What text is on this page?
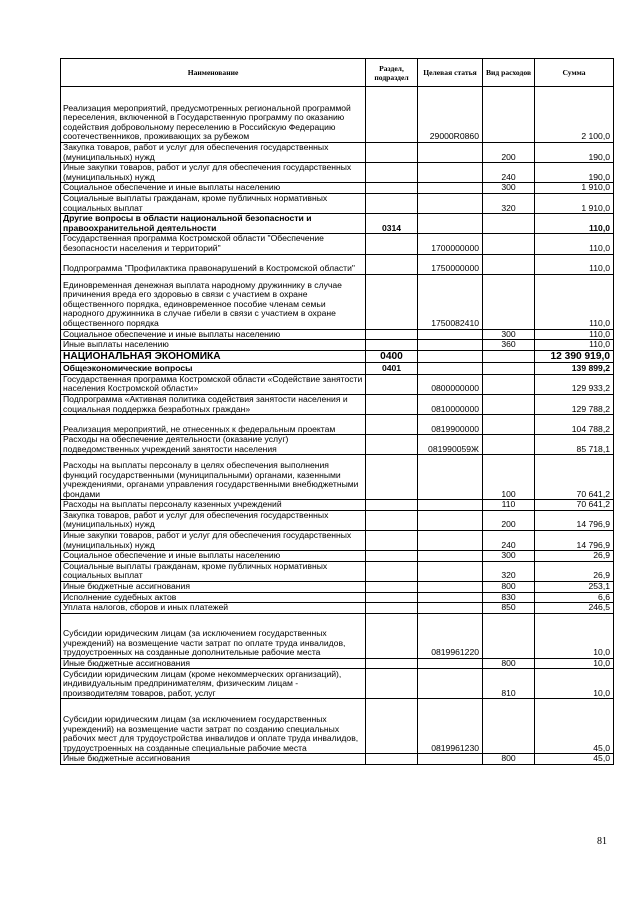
Наименование	Раздел, подраздел	Целевая статья	Вид расходов	Сумма
Реализация мероприятий, предусмотренных региональной программой переселения, включенной в Государственную программу по оказанию содействия добровольному переселению в Российскую Федерацию соотечественников, проживающих за рубежом		29000R0860		2 100,0
Закупка товаров, работ и услуг для обеспечения государственных (муниципальных) нужд			200	190,0
Иные закупки товаров, работ и услуг для обеспечения государственных (муниципальных) нужд			240	190,0
Социальное обеспечение и иные выплаты населению			300	1 910,0
Социальные выплаты гражданам, кроме публичных нормативных социальных выплат			320	1 910,0
Другие вопросы в области национальной безопасности и правоохранительной деятельности	0314			110,0
Государственная программа Костромской области "Обеспечение безопасности населения и территорий"		1700000000		110,0
Подпрограмма "Профилактика правонарушений в Костромской области"		1750000000		110,0
Единовременная денежная выплата народному дружиннику в случае причинения вреда его здоровью в связи с участием в охране общественного порядка, единовременное пособие членам семьи народного дружинника в случае гибели в связи с участием в охране общественного порядка		1750082410		110,0
Социальное обеспечение и иные выплаты населению			300	110,0
Иные выплаты населению			360	110,0
НАЦИОНАЛЬНАЯ ЭКОНОМИКА	0400			12 390 919,0
Общеэкономические вопросы	0401			139 899,2
Государственная программа Костромской области «Содействие занятости населения Костромской области»		0800000000		129 933,2
Подпрограмма «Активная политика содействия занятости населения и социальная поддержка безработных граждан»		0810000000		129 788,2
Реализация мероприятий, не отнесенных к федеральным проектам		0819900000		104 788,2
Расходы на обеспечение деятельности (оказание услуг) подведомственных учреждений занятости населения		081990059Ж		85 718,1
Расходы на выплаты персоналу в целях обеспечения выполнения функций государственными (муниципальными) органами, казенными учреждениями, органами управления государственными внебюджетными фондами			100	70 641,2
Расходы на выплаты персоналу казенных учреждений			110	70 641,2
Закупка товаров, работ и услуг для обеспечения государственных (муниципальных) нужд			200	14 796,9
Иные закупки товаров, работ и услуг для обеспечения государственных (муниципальных) нужд			240	14 796,9
Социальное обеспечение и иные выплаты населению			300	26,9
Социальные выплаты гражданам, кроме публичных нормативных социальных выплат			320	26,9
Иные бюджетные ассигнования			800	253,1
Исполнение судебных актов			830	6,6
Уплата налогов, сборов и иных платежей			850	246,5
Субсидии юридическим лицам (за исключением государственных учреждений) на возмещение части затрат по оплате труда инвалидов, трудоустроенных на созданные дополнительные рабочие места		0819961220		10,0
Иные бюджетные ассигнования			800	10,0
Субсидии юридическим лицам (кроме некоммерческих организаций), индивидуальным предпринимателям, физическим лицам - производителям товаров, работ, услуг			810	10,0
Субсидии юридическим лицам (за исключением государственных учреждений) на возмещение части затрат по созданию специальных рабочих мест для трудоустройства инвалидов и оплате труда инвалидов, трудоустроенных на созданные специальные рабочие места		0819961230		45,0
Иные бюджетные ассигнования			800	45,0
81
